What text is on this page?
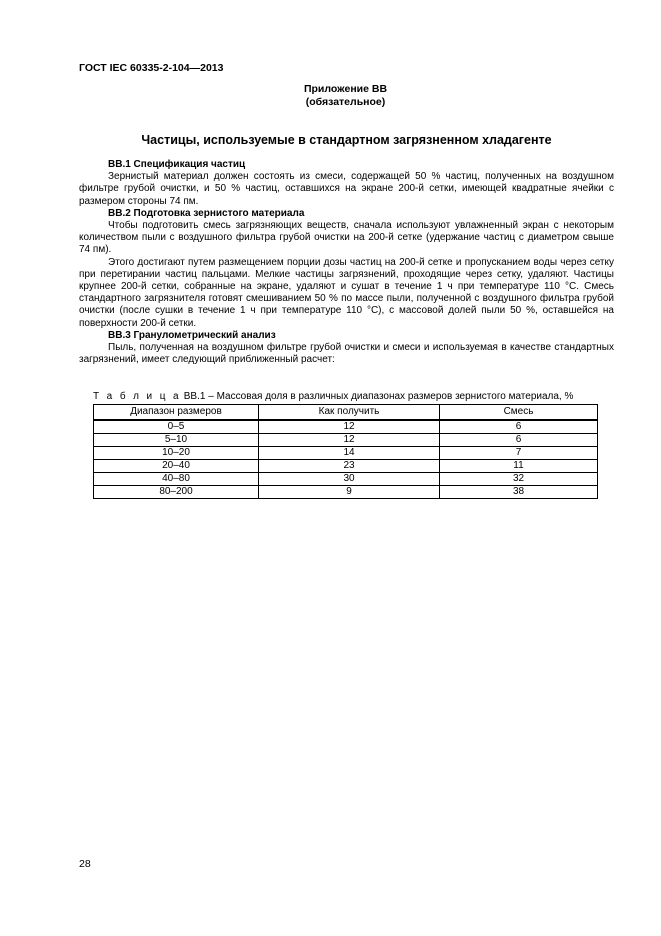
ГОСТ IEC 60335-2-104—2013
Приложение ВВ
(обязательное)
Частицы, используемые в стандартном загрязненном хладагенте
ВВ.1 Спецификация частиц

Зернистый материал должен состоять из смеси, содержащей 50 % частиц, полученных на воздушном фильтре грубой очистки, и 50 % частиц, оставшихся на экране 200-й сетки, имеющей квадратные ячейки с размером стороны 74 пм.

ВВ.2 Подготовка зернистого материала

Чтобы подготовить смесь загрязняющих веществ, сначала используют увлажненный экран с некоторым количеством пыли с воздушного фильтра грубой очистки на 200-й сетке (удержание частиц с диаметром свыше 74 пм).

Этого достигают путем размещением порции дозы частиц на 200-й сетке и пропусканием воды через сетку при перетирании частиц пальцами. Мелкие частицы загрязнений, проходящие через сетку, удаляют. Частицы крупнее 200-й сетки, собранные на экране, удаляют и сушат в течение 1 ч при температуре 110 °С. Смесь стандартного загрязнителя готовят смешиванием 50 % по массе пыли, полученной с воздушного фильтра грубой очистки (после сушки в течение 1 ч при температуре 110 °С), с массовой долей пыли 50 %, оставшейся на поверхности 200-й сетки.

ВВ.3 Гранулометрический анализ

Пыль, полученная на воздушном фильтре грубой очистки и смеси и используемая в качестве стандартных загрязнений, имеет следующий приближенный расчет:

Т а б л и ц а ВВ.1 – Массовая доля в различных диапазонах размеров зернистого материала, %
Диапазон размеров	Как получить	Смесь
0–5	12	6
5–10	12	6
10–20	14	7
20–40	23	11
40–80	30	32
80–200	9	38
28
